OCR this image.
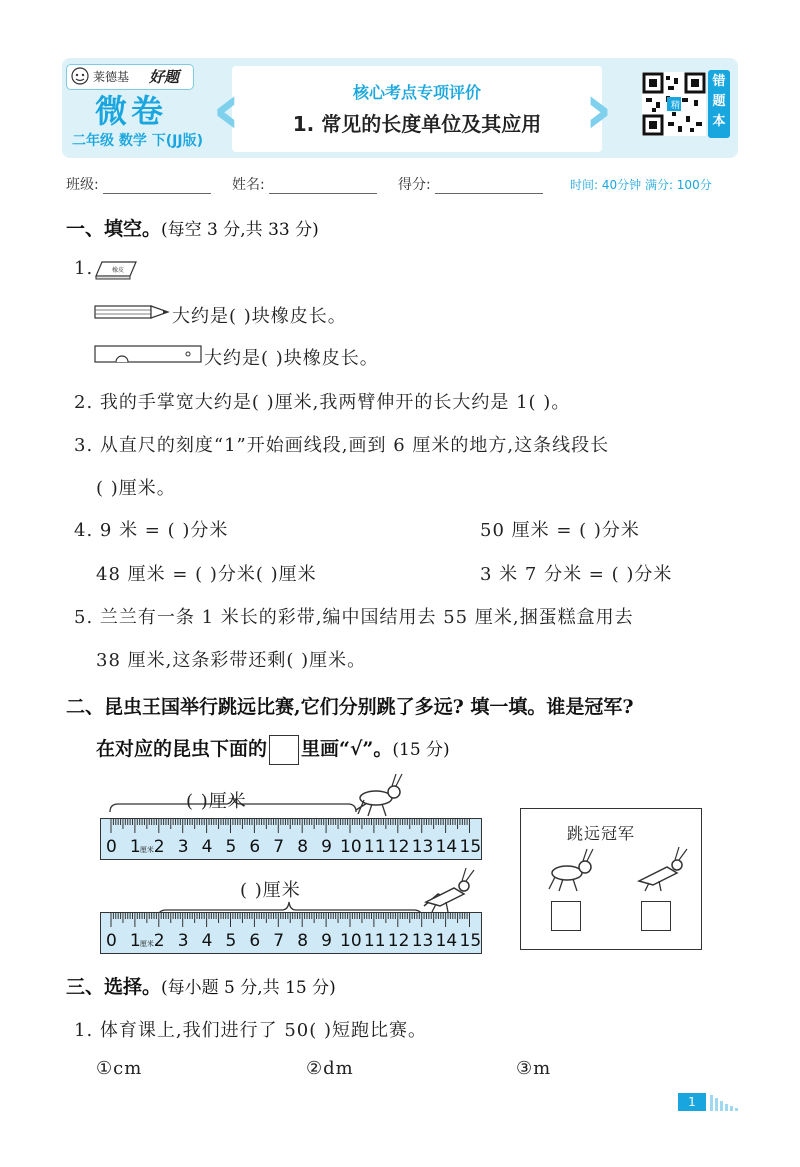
莱德基 好题
微卷
二年级 数学 下(JJ版) ‹	›
核心考点专项评价
1. 常见的长度单位及其应用
精
错
题
本
班级:	姓名:	得分:	时间: 40分钟 满分: 100分
一、填空。(每空 3 分,共 33 分)
1.	橡皮
大约是( )块橡皮长。
大约是( )块橡皮长。
2. 我的手掌宽大约是( )厘米,我两臂伸开的长大约是 1( )。
3. 从直尺的刻度“1”开始画线段,画到 6 厘米的地方,这条线段长
( )厘米。
4. 9 米 = ( )分米	50 厘米 = ( )分米
48 厘米 = ( )分米( )厘米	3 米 7 分米 = ( )分米
5. 兰兰有一条 1 米长的彩带,编中国结用去 55 厘米,捆蛋糕盒用去
38 厘米,这条彩带还剩( )厘米。
二、昆虫王国举行跳远比赛,它们分别跳了多远? 填一填。谁是冠军?
在对应的昆虫下面的 里画“√”。(15 分)
( )厘米
0 1 厘米 2 3 4 5 6 7 8 9 10 11 12 13 14 15
( )厘米
0 1 厘米 2 3 4 5 6 7 8 9 10 11 12 13 14 15
跳远冠军
三、选择。(每小题 5 分,共 15 分)
1. 体育课上,我们进行了 50( )短跑比赛。
①cm	②dm	③m
1
